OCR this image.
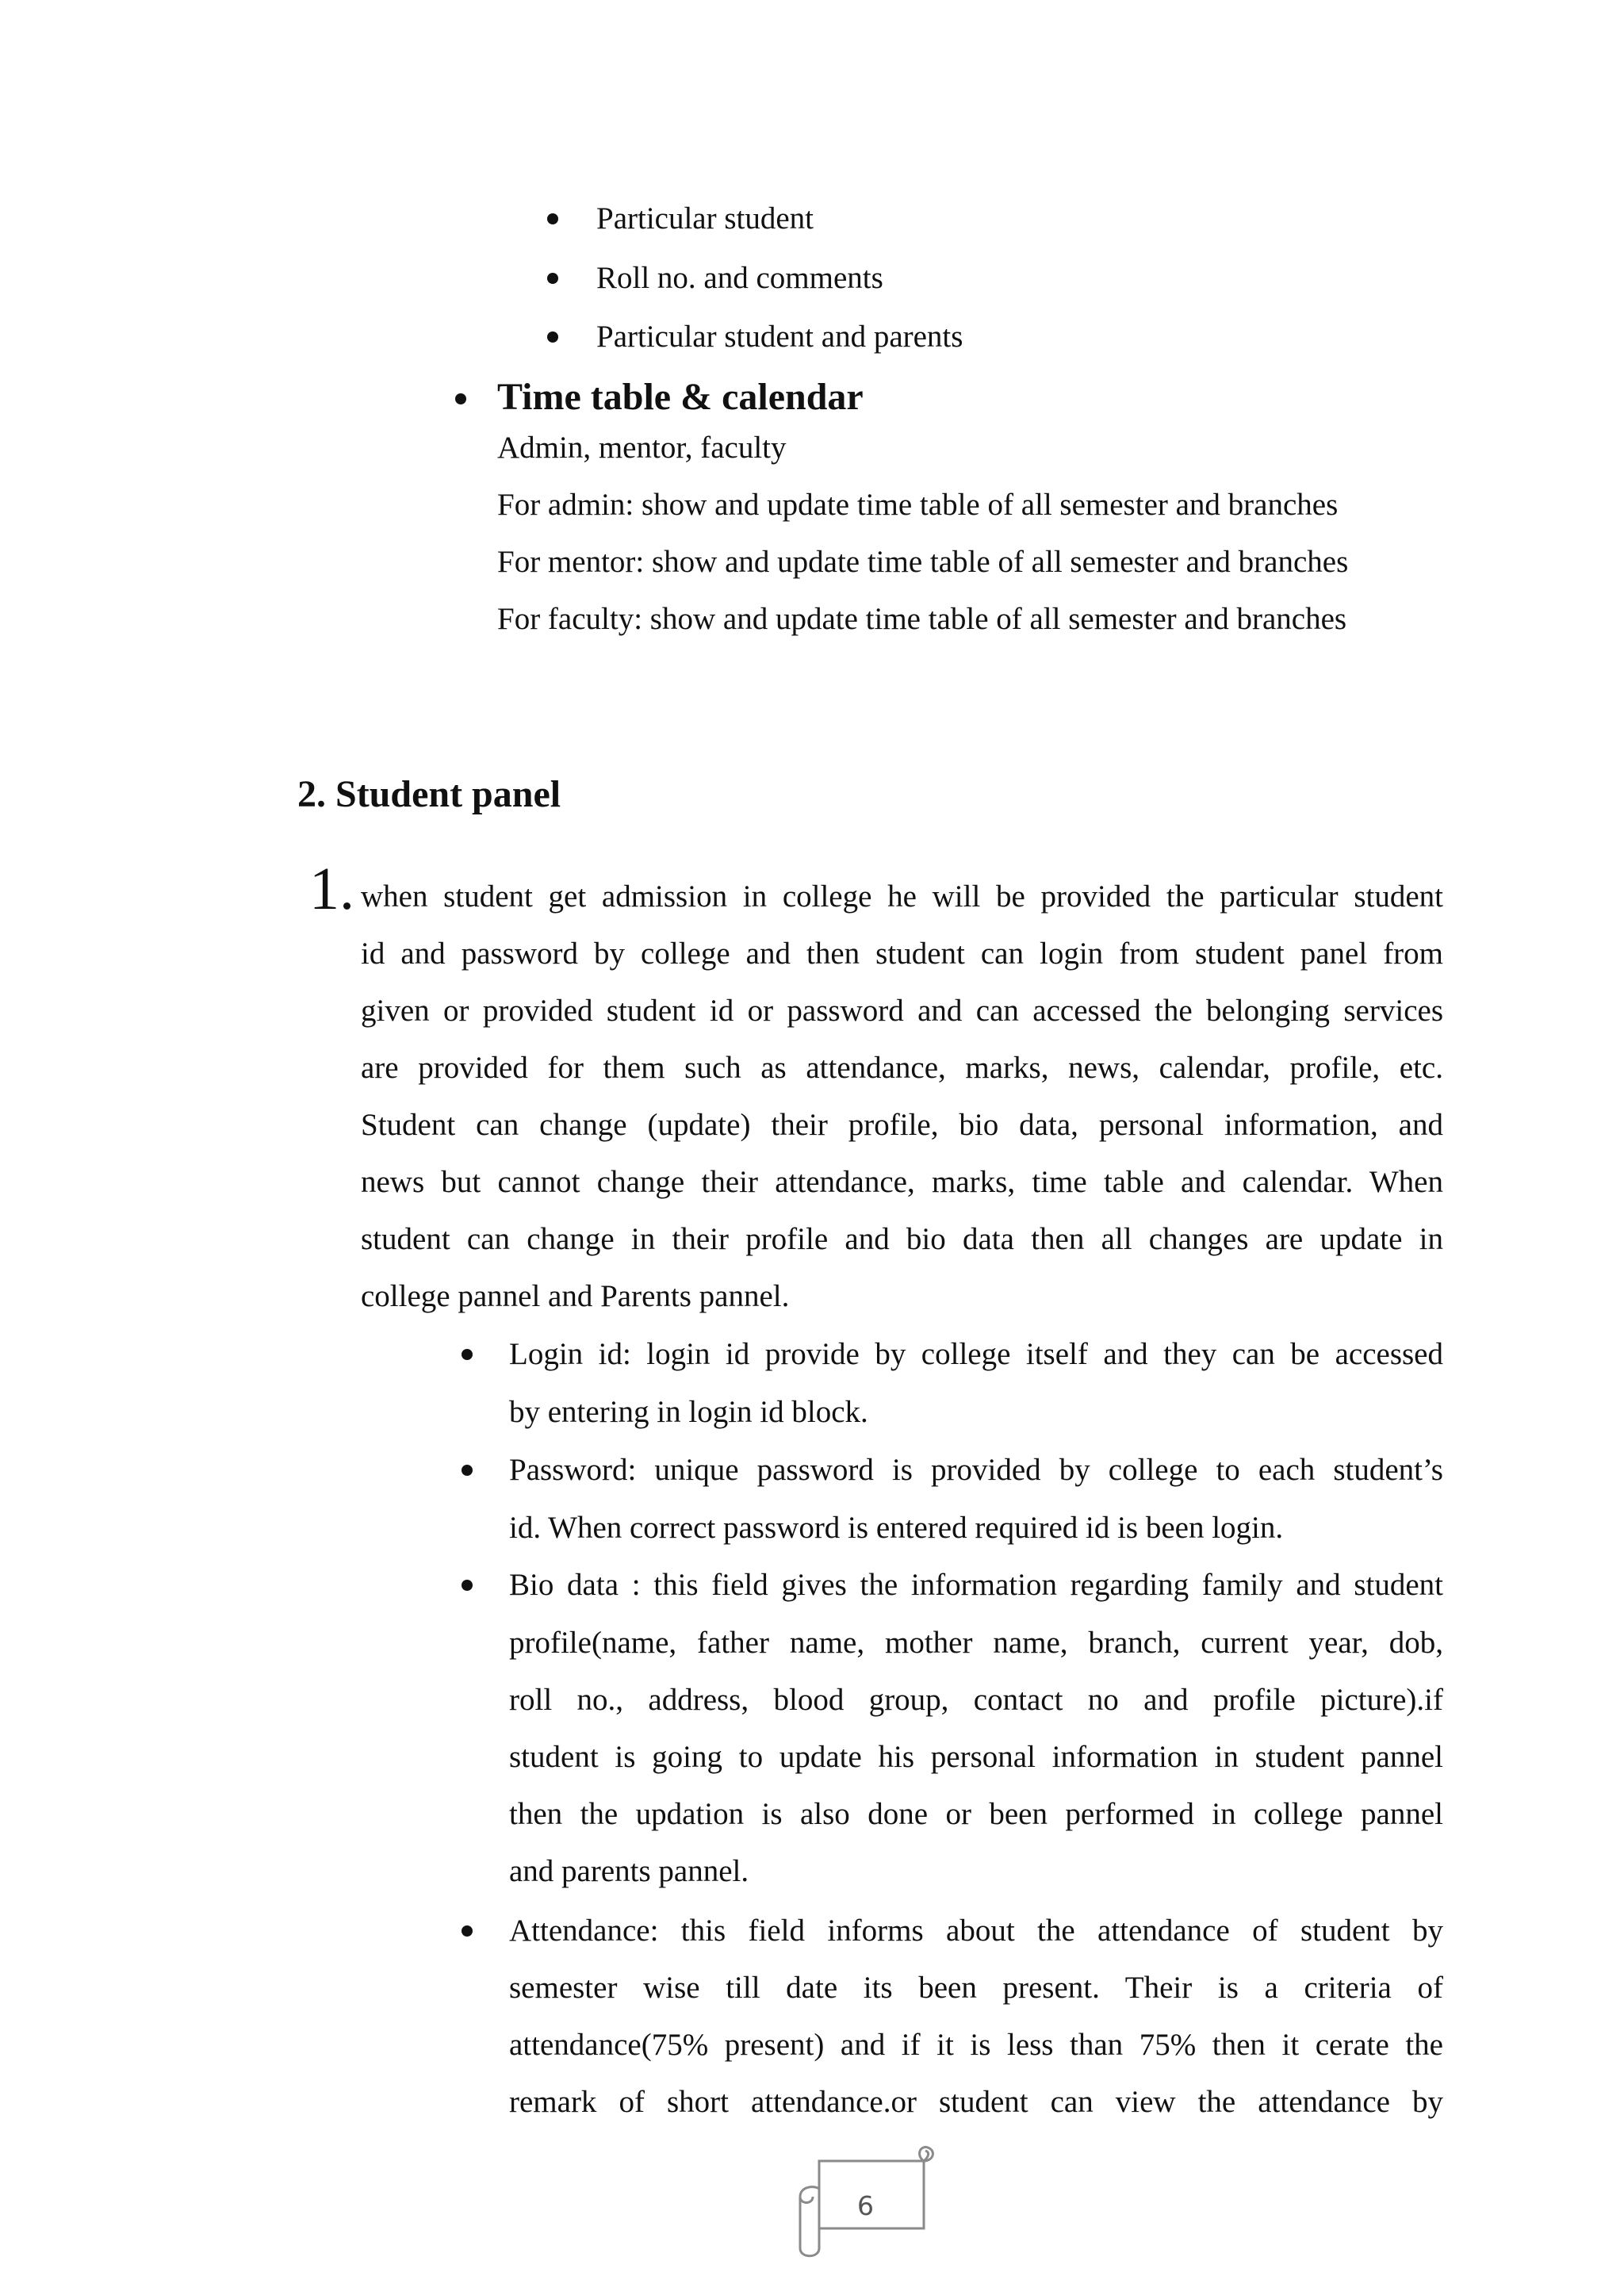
Particular student
Roll no. and comments
Particular student and parents
Time table & calendar
Admin, mentor, faculty
For admin: show and update time table of all semester and branches
For mentor: show and update time table of all semester and branches
For faculty: show and update time table of all semester and branches
2. Student panel
1. when student get admission in college he will be provided the particular student
id and password by college and then student can login from student panel from
given or provided student id or password and can accessed the belonging services
are provided for them such as attendance, marks, news, calendar, profile, etc.
Student can change (update) their profile, bio data, personal information, and
news but cannot change their attendance, marks, time table and calendar. When
student can change in their profile and bio data then all changes are update in
college pannel and Parents pannel.
Login id: login id provide by college itself and they can be accessed
by entering in login id block.
Password: unique password is provided by college to each student’s
id. When correct password is entered required id is been login.
Bio data : this field gives the information regarding family and student
profile(name, father name, mother name, branch, current year, dob,
roll no., address, blood group, contact no and profile picture).if
student is going to update his personal information in student pannel
then the updation is also done or been performed in college pannel
and parents pannel.
Attendance: this field informs about the attendance of student by
semester wise till date its been present. Their is a criteria of
attendance(75% present) and if it is less than 75% then it cerate the
remark of short attendance.or student can view the attendance by
6
